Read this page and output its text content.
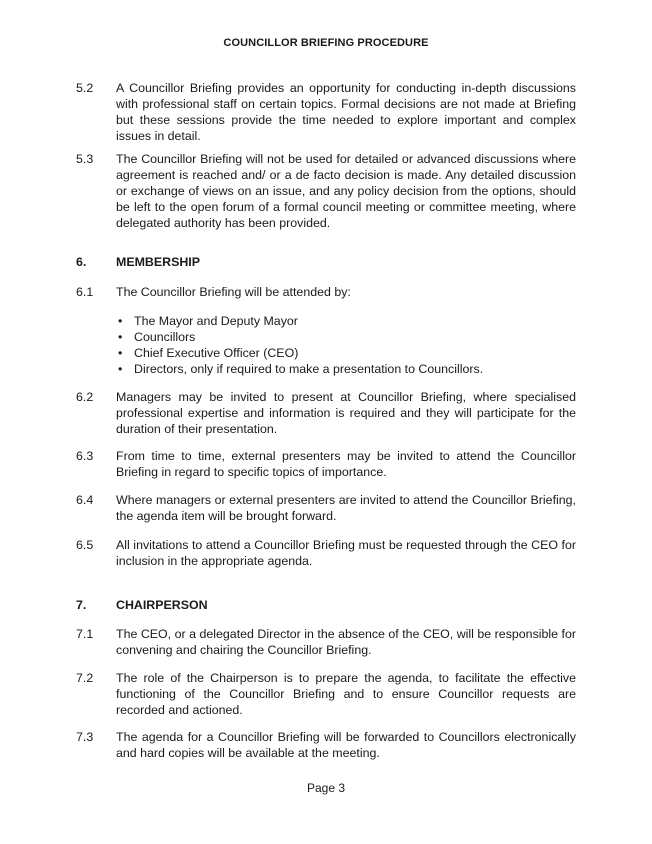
COUNCILLOR BRIEFING PROCEDURE
5.2	A Councillor Briefing provides an opportunity for conducting in-depth discussions with professional staff on certain topics. Formal decisions are not made at Briefing but these sessions provide the time needed to explore important and complex issues in detail.
5.3	The Councillor Briefing will not be used for detailed or advanced discussions where agreement is reached and/ or a de facto decision is made. Any detailed discussion or exchange of views on an issue, and any policy decision from the options, should be left to the open forum of a formal council meeting or committee meeting, where delegated authority has been provided.
6.	MEMBERSHIP
6.1	The Councillor Briefing will be attended by:
• The Mayor and Deputy Mayor
• Councillors
• Chief Executive Officer (CEO)
• Directors, only if required to make a presentation to Councillors.
6.2	Managers may be invited to present at Councillor Briefing, where specialised professional expertise and information is required and they will participate for the duration of their presentation.
6.3	From time to time, external presenters may be invited to attend the Councillor Briefing in regard to specific topics of importance.
6.4	Where managers or external presenters are invited to attend the Councillor Briefing, the agenda item will be brought forward.
6.5	All invitations to attend a Councillor Briefing must be requested through the CEO for inclusion in the appropriate agenda.
7.	CHAIRPERSON
7.1	The CEO, or a delegated Director in the absence of the CEO, will be responsible for convening and chairing the Councillor Briefing.
7.2	The role of the Chairperson is to prepare the agenda, to facilitate the effective functioning of the Councillor Briefing and to ensure Councillor requests are recorded and actioned.
7.3	The agenda for a Councillor Briefing will be forwarded to Councillors electronically and hard copies will be available at the meeting.
Page 3
